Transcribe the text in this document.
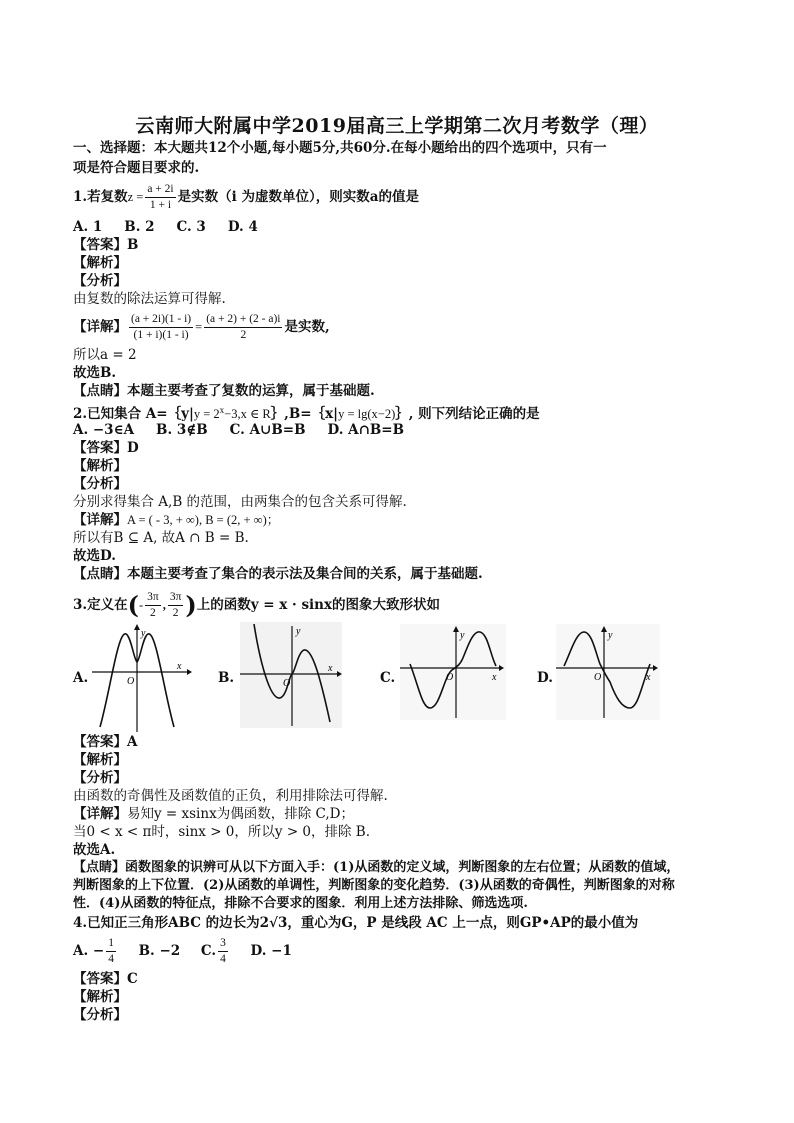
云南师大附属中学2019届高三上学期第二次月考数学（理）
一、选择题：本大题共12个小题,每小题5分,共60分.在每小题给出的四个选项中，只有一
项是符合题目要求的.
1.若复数$z = \frac{a + 2i}{1 + i}$ 是实数（i 为虚数单位），则实数a的值是
A. 1 B. 2 C. 3 D. 4
【答案】B
【解析】
【分析】
由复数的除法运算可得解.
【详解】 $\frac{(a + 2i)(1 - i)}{(1 + i)(1 - i)} = \frac{(a + 2) + (2 - a)i}{2}$ 是实数,
所以a = 2
故选B.
【点睛】本题主要考查了复数的运算，属于基础题.
2.已知集合 A=｛y|y = $2^x-3,x$ ∈ R｝,B=｛x|y = lg(x−2)｝, 则下列结论正确的是
A. −3∈A B. 3∉B C. A∪B=B D. A∩B=B
【答案】D
【解析】
【分析】
分别求得集合 A,B 的范围，由两集合的包含关系可得解.
【详解】A = ( - 3, + ∞), B = (2, + ∞)；
所以有B ⊆ A, 故A ∩ B = B.
故选D.
【点睛】本题主要考查了集合的表示法及集合间的关系，属于基础题.
3.定义在(- $\frac{3\pi}{2}$ , $\frac{3\pi}{2}$ )上的函数y = x · sinx的图象大致形状如
A.
y
x
O	B.
y
x
O	C.
y
x
O	D.
y
x
O
【答案】A
【解析】
【分析】
由函数的奇偶性及函数值的正负，利用排除法可得解.
【详解】易知y = xsinx为偶函数，排除 C,D；
当0 < x < π时，sinx > 0，所以y > 0，排除 B.
故选A.
【点睛】函数图象的识辨可从以下方面入手：(1)从函数的定义域，判断图象的左右位置；从函数的值域，
判断图象的上下位置．(2)从函数的单调性，判断图象的变化趋势．(3)从函数的奇偶性，判断图象的对称
性．(4)从函数的特征点，排除不合要求的图象．利用上述方法排除、筛选选项.
4.已知正三角形ABC 的边长为2√3，重心为G，P 是线段 AC 上一点，则GP•AP的最小值为
A. − $\frac{1}{4} B$. −2 C. $\frac{3}{4} D$. −1
【答案】C
【解析】
【分析】
